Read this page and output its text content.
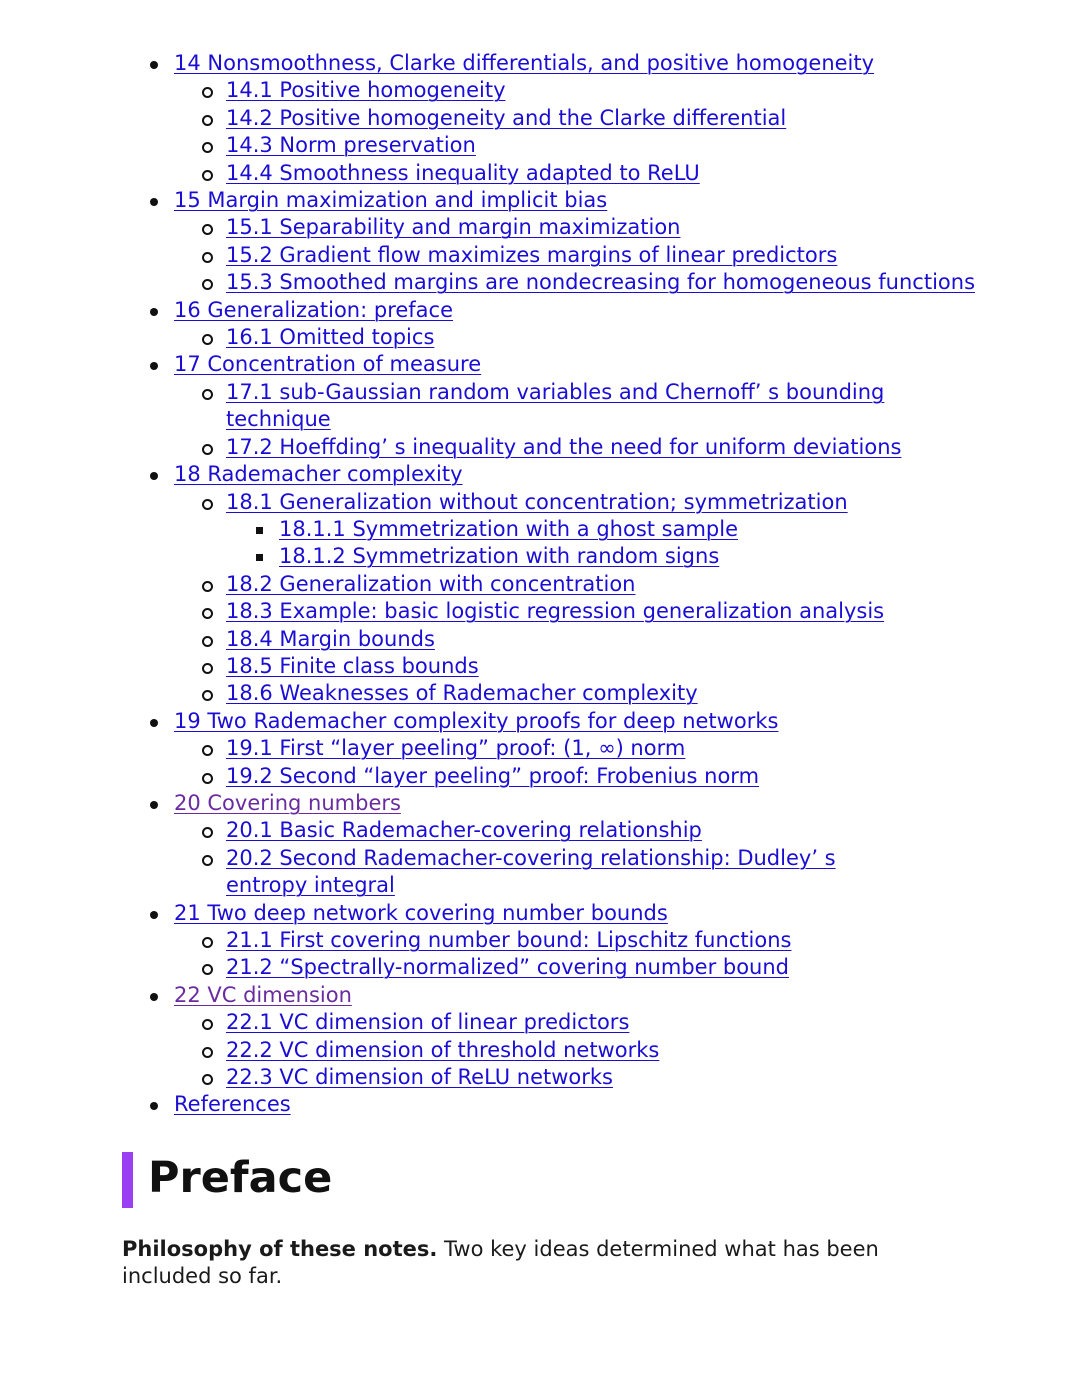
14 Nonsmoothness, Clarke differentials, and positive homogeneity
14.1 Positive homogeneity
14.2 Positive homogeneity and the Clarke differential
14.3 Norm preservation
14.4 Smoothness inequality adapted to ReLU
15 Margin maximization and implicit bias
15.1 Separability and margin maximization
15.2 Gradient flow maximizes margins of linear predictors
15.3 Smoothed margins are nondecreasing for homogeneous functions
16 Generalization: preface
16.1 Omitted topics
17 Concentration of measure
17.1 sub-Gaussian random variables and Chernoff’ s bounding technique
17.2 Hoeffding’ s inequality and the need for uniform deviations
18 Rademacher complexity
18.1 Generalization without concentration; symmetrization
18.1.1 Symmetrization with a ghost sample
18.1.2 Symmetrization with random signs
18.2 Generalization with concentration
18.3 Example: basic logistic regression generalization analysis
18.4 Margin bounds
18.5 Finite class bounds
18.6 Weaknesses of Rademacher complexity
19 Two Rademacher complexity proofs for deep networks
19.1 First “layer peeling” proof: (1, ∞) norm
19.2 Second “layer peeling” proof: Frobenius norm
20 Covering numbers
20.1 Basic Rademacher-covering relationship
20.2 Second Rademacher-covering relationship: Dudley’ s entropy integral
21 Two deep network covering number bounds
21.1 First covering number bound: Lipschitz functions
21.2 “Spectrally-normalized” covering number bound
22 VC dimension
22.1 VC dimension of linear predictors
22.2 VC dimension of threshold networks
22.3 VC dimension of ReLU networks
References
Preface
Philosophy of these notes. Two key ideas determined what has been included so far.
